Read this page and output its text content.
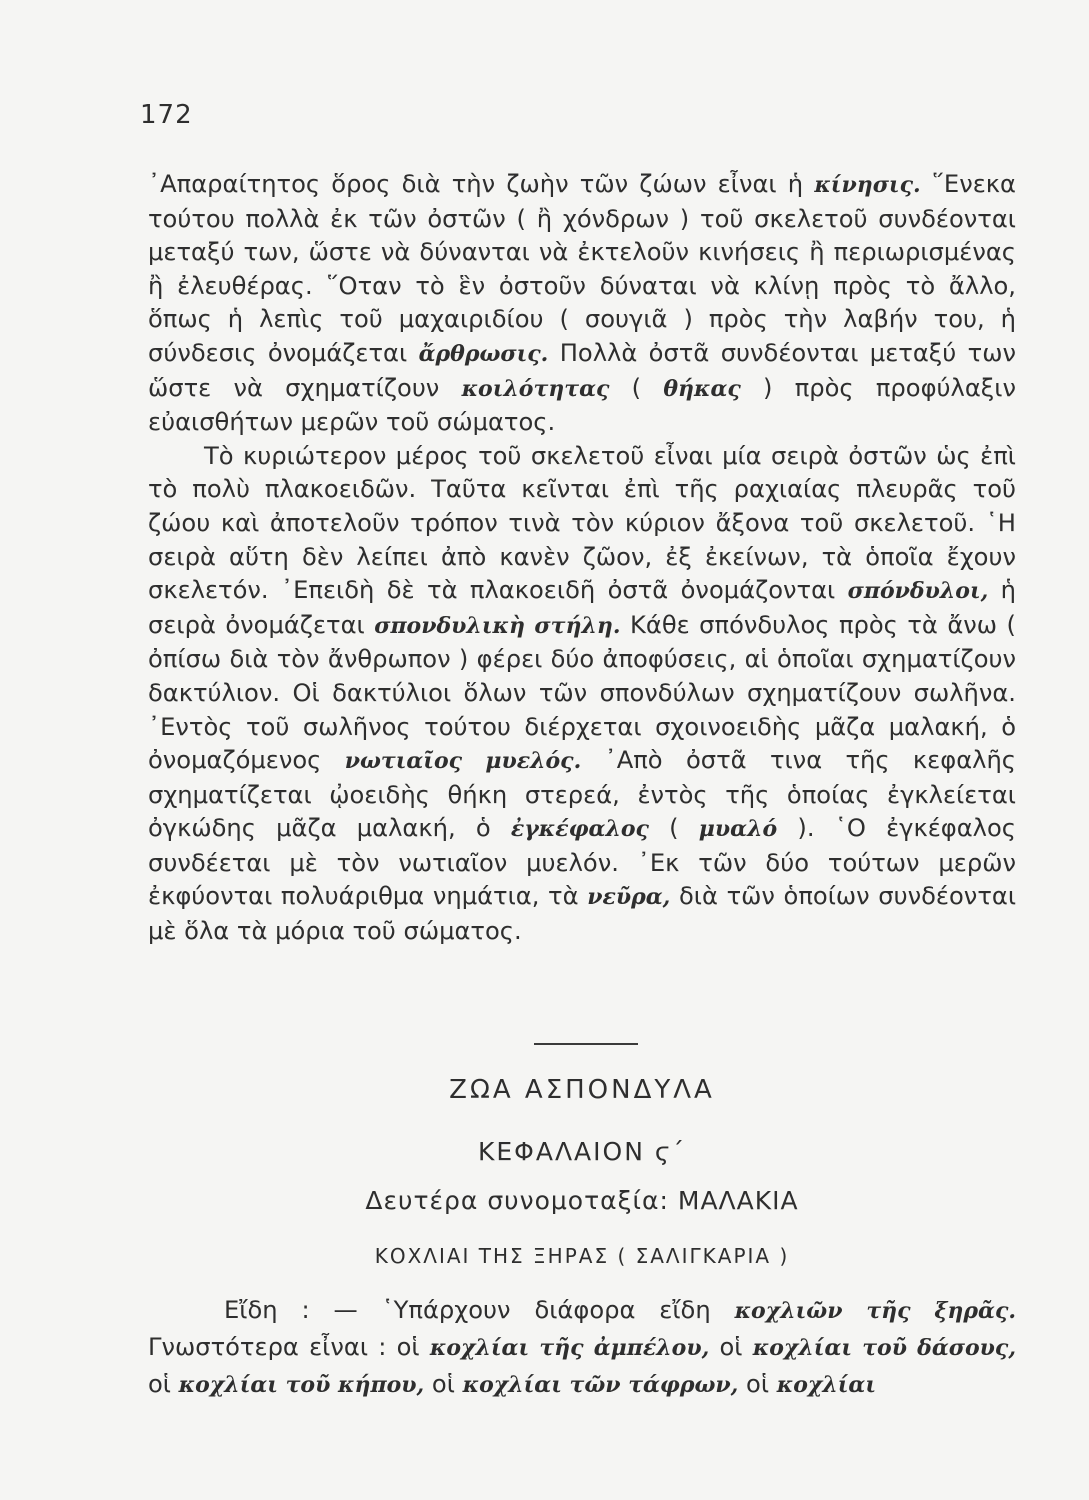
172

᾿Απαραίτητος ὅρος διὰ τὴν ζωὴν τῶν ζώων εἶναι ἡ κίνησις. ῞Ενεκα τούτου πολλὰ ἐκ τῶν ὀστῶν ( ἢ χόνδρων ) τοῦ σκελετοῦ συνδέονται μεταξύ των, ὥστε νὰ δύνανται νὰ ἐκτελοῦν κινήσεις ἢ περιωρισμένας ἢ ἐλευθέρας. ῞Οταν τὸ ἓν ὀστοῦν δύναται νὰ κλίνῃ πρὸς τὸ ἄλλο, ὅπως ἡ λεπὶς τοῦ μαχαιριδίου ( σουγιᾶ ) πρὸς τὴν λαβήν του, ἡ σύνδεσις ὀνομάζεται ἄρθρωσις. Πολλὰ ὀστᾶ συνδέονται μεταξύ των ὥστε νὰ σχηματίζουν κοιλότητας ( θήκας ) πρὸς προφύλαξιν εὐαισθήτων μερῶν τοῦ σώματος.

Τὸ κυριώτερον μέρος τοῦ σκελετοῦ εἶναι μία σειρὰ ὀστῶν ὡς ἐπὶ τὸ πολὺ πλακοειδῶν. Ταῦτα κεῖνται ἐπὶ τῆς ραχιαίας πλευρᾶς τοῦ ζώου καὶ ἀποτελοῦν τρόπον τινὰ τὸν κύριον ἄξονα τοῦ σκελετοῦ. ῾Η σειρὰ αὕτη δὲν λείπει ἀπὸ κανὲν ζῶον, ἐξ ἐκείνων, τὰ ὁποῖα ἔχουν σκελετόν. ᾿Επειδὴ δὲ τὰ πλακοειδῆ ὀστᾶ ὀνομάζονται σπόνδυλοι, ἡ σειρὰ ὀνομάζεται σπονδυλικὴ στήλη. Κάθε σπόνδυλος πρὸς τὰ ἄνω ( ὀπίσω διὰ τὸν ἄνθρωπον ) φέρει δύο ἀποφύσεις, αἱ ὁποῖαι σχηματίζουν δακτύλιον. Οἱ δακτύλιοι ὅλων τῶν σπονδύλων σχηματίζουν σωλῆνα. ᾿Εντὸς τοῦ σωλῆνος τούτου διέρχεται σχοινοειδὴς μᾶζα μαλακή, ὁ ὀνομαζόμενος νωτιαῖος μυελός. ᾿Απὸ ὀστᾶ τινα τῆς κεφαλῆς σχηματίζεται ᾠοειδὴς θήκη στερεά, ἐντὸς τῆς ὁποίας ἐγκλείεται ὀγκώδης μᾶζα μαλακή, ὁ ἐγκέφαλος ( μυαλό ). ῾Ο ἐγκέφαλος συνδέεται μὲ τὸν νωτιαῖον μυελόν. ᾿Εκ τῶν δύο τούτων μερῶν ἐκφύονται πολυάριθμα νημάτια, τὰ νεῦρα, διὰ τῶν ὁποίων συνδέονται μὲ ὅλα τὰ μόρια τοῦ σώματος.

ΖΩΑ ΑΣΠΟΝΔΥΛΑ
ΚΕΦΑΛΑΙΟΝ ϛ΄
Δευτέρα συνομοταξία: ΜΑΛΑΚΙΑ
ΚΟΧΛΙΑΙ ΤΗΣ ΞΗΡΑΣ ( ΣΑΛΙΓΚΑΡΙΑ )

Εἴδη : — ῾Υπάρχουν διάφορα εἴδη κοχλιῶν τῆς ξηρᾶς. Γνωστότερα εἶναι : οἱ κοχλίαι τῆς ἀμπέλου, οἱ κοχλίαι τοῦ δάσους, οἱ κοχλίαι τοῦ κήπου, οἱ κοχλίαι τῶν τάφρων, οἱ κοχλίαι
